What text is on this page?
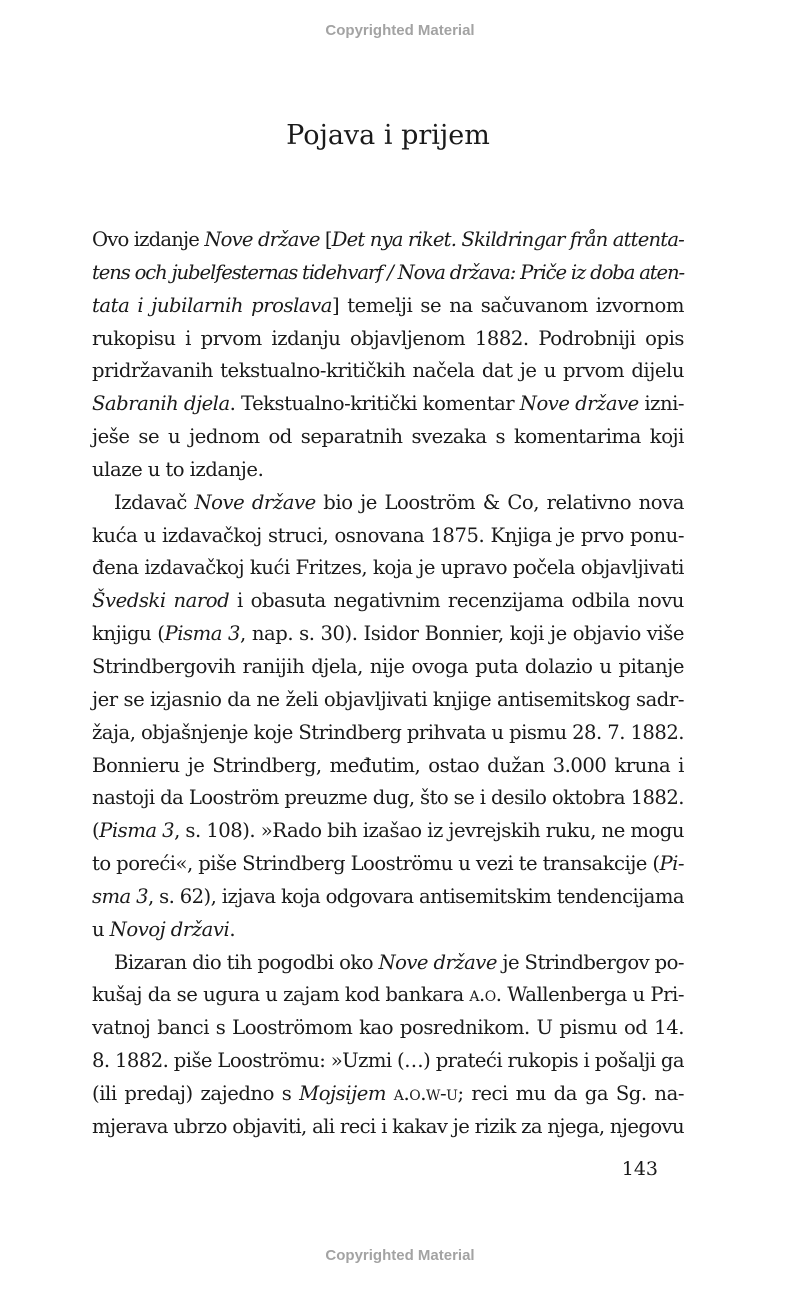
Copyrighted Material
Pojava i prijem
Ovo izdanje Nove države [Det nya riket. Skildringar från attenta-
tens och jubelfesternas tidehvarf / Nova država: Priče iz doba aten-
tata i jubilarnih proslava] temelji se na sačuvanom izvornom
rukopisu i prvom izdanju objavljenom 1882. Podrobniji opis
pridržavanih tekstualno-kritičkih načela dat je u prvom dijelu
Sabranih djela. Tekstualno-kritički komentar Nove države izni-
ješe se u jednom od separatnih svezaka s komentarima koji
ulaze u to izdanje.
Izdavač Nove države bio je Looström & Co, relativno nova
kuća u izdavačkoj struci, osnovana 1875. Knjiga je prvo ponu-
đena izdavačkoj kući Fritzes, koja je upravo počela objavljivati
Švedski narod i obasuta negativnim recenzijama odbila novu
knjigu (Pisma 3, nap. s. 30). Isidor Bonnier, koji je objavio više
Strindbergovih ranijih djela, nije ovoga puta dolazio u pitanje
jer se izjasnio da ne želi objavljivati knjige antisemitskog sadr-
žaja, objašnjenje koje Strindberg prihvata u pismu 28. 7. 1882.
Bonnieru je Strindberg, međutim, ostao dužan 3.000 kruna i
nastoji da Looström preuzme dug, što se i desilo oktobra 1882.
(Pisma 3, s. 108). »Rado bih izašao iz jevrejskih ruku, ne mogu
to poreći«, piše Strindberg Looströmu u vezi te transakcije (Pi-
sma 3, s. 62), izjava koja odgovara antisemitskim tendencijama
u Novoj državi.
Bizaran dio tih pogodbi oko Nove države je Strindbergov po-
kušaj da se ugura u zajam kod bankara a.o. Wallenberga u Pri-
vatnoj banci s Looströmom kao posrednikom. U pismu od 14.
8. 1882. piše Looströmu: »Uzmi (…) prateći rukopis i pošalji ga
(ili predaj) zajedno s Mojsijem a.o.w-u; reci mu da ga Sg. na-
mjerava ubrzo objaviti, ali reci i kakav je rizik za njega, njegovu
143
Copyrighted Material
